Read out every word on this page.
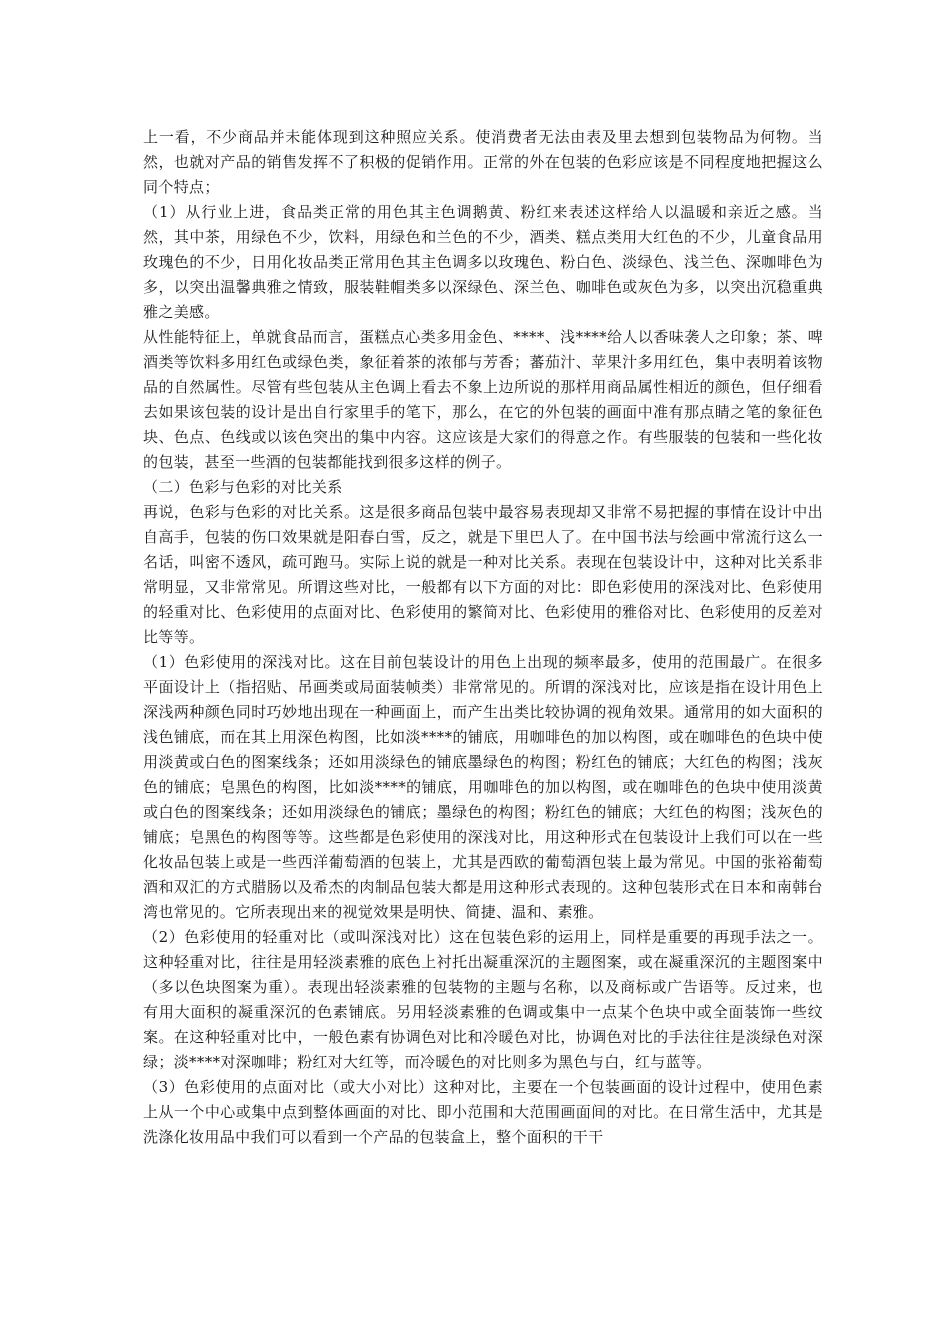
上一看，不少商品并未能体现到这种照应关系。使消费者无法由表及里去想到包装物品为何物。当然，也就对产品的销售发挥不了积极的促销作用。正常的外在包装的色彩应该是不同程度地把握这么同个特点；

（1）从行业上进，食品类正常的用色其主色调鹅黄、粉红来表述这样给人以温暖和亲近之感。当然，其中茶，用绿色不少，饮料，用绿色和兰色的不少，酒类、糕点类用大红色的不少，儿童食品用玫瑰色的不少，日用化妆品类正常用色其主色调多以玫瑰色、粉白色、淡绿色、浅兰色、深咖啡色为多，以突出温馨典雅之情致，服装鞋帽类多以深绿色、深兰色、咖啡色或灰色为多，以突出沉稳重典雅之美感。

从性能特征上，单就食品而言，蛋糕点心类多用金色、****、浅****给人以香味袭人之印象；茶、啤酒类等饮料多用红色或绿色类，象征着茶的浓郁与芳香；蕃茄汁、苹果汁多用红色，集中表明着该物品的自然属性。尽管有些包装从主色调上看去不象上边所说的那样用商品属性相近的颜色，但仔细看去如果该包装的设计是出自行家里手的笔下，那么，在它的外包装的画面中准有那点睛之笔的象征色块、色点、色线或以该色突出的集中内容。这应该是大家们的得意之作。有些服装的包装和一些化妆的包装，甚至一些酒的包装都能找到很多这样的例子。

（二）色彩与色彩的对比关系

再说，色彩与色彩的对比关系。这是很多商品包装中最容易表现却又非常不易把握的事情在设计中出自高手，包装的伤口效果就是阳春白雪，反之，就是下里巴人了。在中国书法与绘画中常流行这么一名话，叫密不透风，疏可跑马。实际上说的就是一种对比关系。表现在包装设计中，这种对比关系非常明显，又非常常见。所谓这些对比，一般都有以下方面的对比：即色彩使用的深浅对比、色彩使用的轻重对比、色彩使用的点面对比、色彩使用的繁简对比、色彩使用的雅俗对比、色彩使用的反差对比等等。

（1）色彩使用的深浅对比。这在目前包装设计的用色上出现的频率最多，使用的范围最广。在很多平面设计上（指招贴、吊画类或局面装帧类）非常常见的。所谓的深浅对比，应该是指在设计用色上深浅两种颜色同时巧妙地出现在一种画面上，而产生出类比较协调的视角效果。通常用的如大面积的浅色铺底，而在其上用深色构图，比如淡****的铺底，用咖啡色的加以构图，或在咖啡色的色块中使用淡黄或白色的图案线条；还如用淡绿色的铺底墨绿色的构图；粉红色的铺底；大红色的构图；浅灰色的铺底；皂黑色的构图，比如淡****的铺底，用咖啡色的加以构图，或在咖啡色的色块中使用淡黄或白色的图案线条；还如用淡绿色的铺底；墨绿色的构图；粉红色的铺底；大红色的构图；浅灰色的铺底；皂黑色的构图等等。这些都是色彩使用的深浅对比，用这种形式在包装设计上我们可以在一些化妆品包装上或是一些西洋葡萄酒的包装上，尤其是西欧的葡萄酒包装上最为常见。中国的张裕葡萄酒和双汇的方式腊肠以及希杰的肉制品包装大都是用这种形式表现的。这种包装形式在日本和南韩台湾也常见的。它所表现出来的视觉效果是明快、简捷、温和、素雅。

（2）色彩使用的轻重对比（或叫深浅对比）这在包装色彩的运用上，同样是重要的再现手法之一。这种轻重对比，往往是用轻淡素雅的底色上衬托出凝重深沉的主题图案，或在凝重深沉的主题图案中（多以色块图案为重）。表现出轻淡素雅的包装物的主题与名称，以及商标或广告语等。反过来，也有用大面积的凝重深沉的色素铺底。另用轻淡素雅的色调或集中一点某个色块中或全面装饰一些纹案。在这种轻重对比中，一般色素有协调色对比和冷暖色对比，协调色对比的手法往往是淡绿色对深绿；淡****对深咖啡；粉红对大红等，而冷暖色的对比则多为黑色与白，红与蓝等。

（3）色彩使用的点面对比（或大小对比）这种对比，主要在一个包装画面的设计过程中，使用色素上从一个中心或集中点到整体画面的对比、即小范围和大范围画面间的对比。在日常生活中，尤其是洗涤化妆用品中我们可以看到一个产品的包装盒上，整个面积的干干
